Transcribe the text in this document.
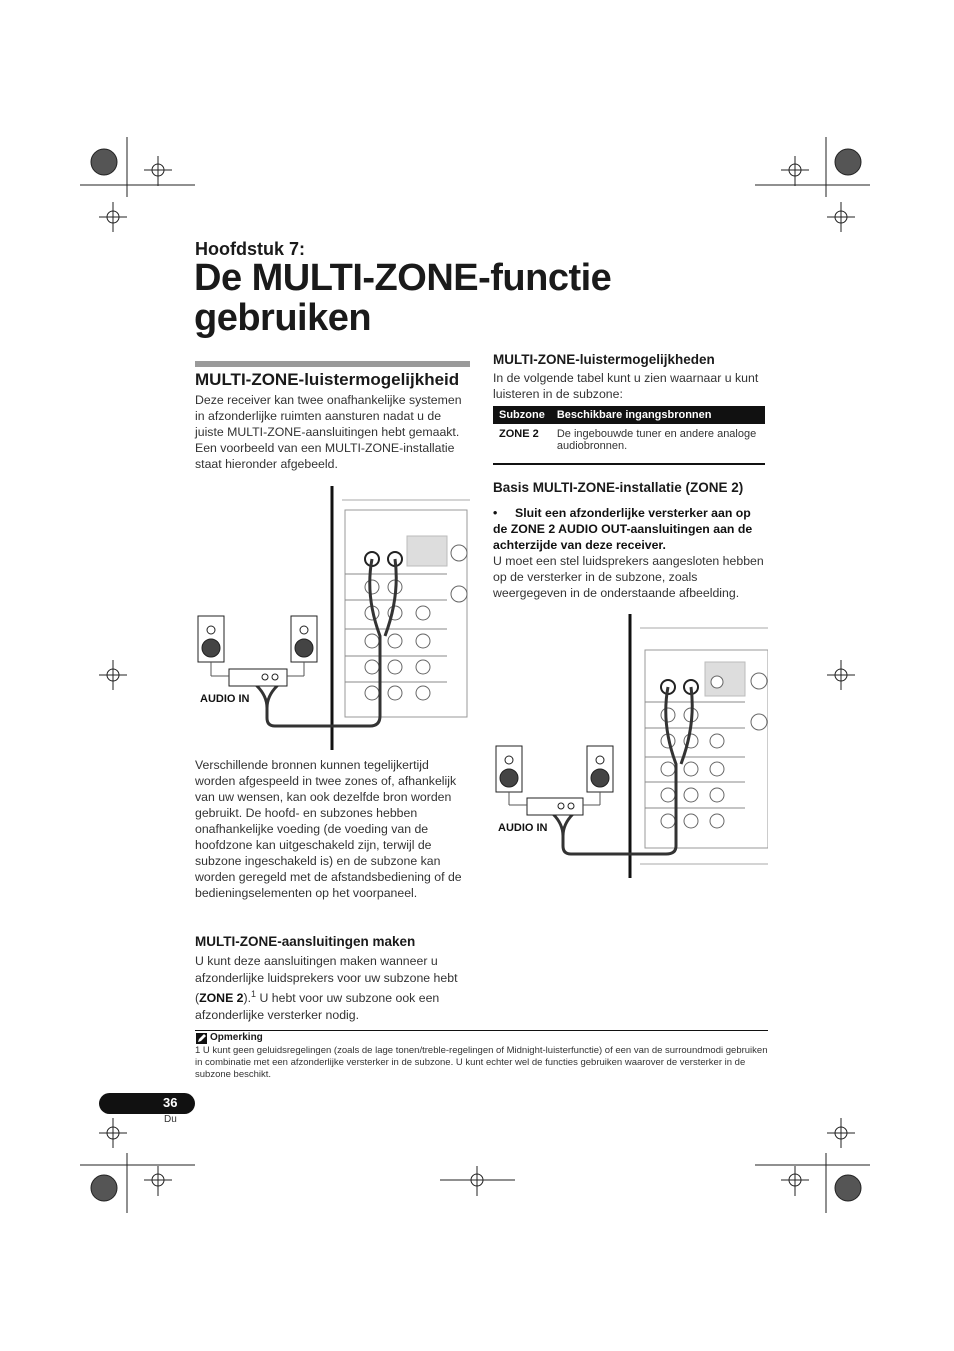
Hoofdstuk 7:
De MULTI-ZONE-functie
gebruiken
MULTI-ZONE-luistermogelijkheid
Deze receiver kan twee onafhankelijke systemen in afzonderlijke ruimten aansturen nadat u de juiste MULTI-ZONE-aansluitingen hebt gemaakt. Een voorbeeld van een MULTI-ZONE-installatie staat hieronder afgebeeld.
AUDIO IN
Verschillende bronnen kunnen tegelijkertijd worden afgespeeld in twee zones of, afhankelijk van uw wensen, kan ook dezelfde bron worden gebruikt. De hoofd- en subzones hebben onafhankelijke voeding (de voeding van de hoofdzone kan uitgeschakeld zijn, terwijl de subzone ingeschakeld is) en de subzone kan worden geregeld met de afstandsbediening of de bedieningselementen op het voorpaneel.
MULTI-ZONE-aansluitingen maken
U kunt deze aansluitingen maken wanneer u afzonderlijke luidsprekers voor uw subzone hebt (ZONE 2).$^1$ U hebt voor uw subzone ook een afzonderlijke versterker nodig.
MULTI-ZONE-luistermogelijkheden
In de volgende tabel kunt u zien waarnaar u kunt luisteren in de subzone:
Subzone	Beschikbare ingangsbronnen
ZONE 2	De ingebouwde tuner en andere analoge audiobronnen.
Basis MULTI-ZONE-installatie (ZONE 2)
•	Sluit een afzonderlijke versterker aan op de ZONE 2 AUDIO OUT-aansluitingen aan de achterzijde van deze receiver.
U moet een stel luidsprekers aangesloten hebben op de versterker in de subzone, zoals weergegeven in de onderstaande afbeelding.
AUDIO IN
Opmerking
1 U kunt geen geluidsregelingen (zoals de lage tonen/treble-regelingen of Midnight-luisterfunctie) of een van de surroundmodi gebruiken in combinatie met een afzonderlijke versterker in de subzone. U kunt echter wel de functies gebruiken waarover de versterker in de subzone beschikt.
36
Du
